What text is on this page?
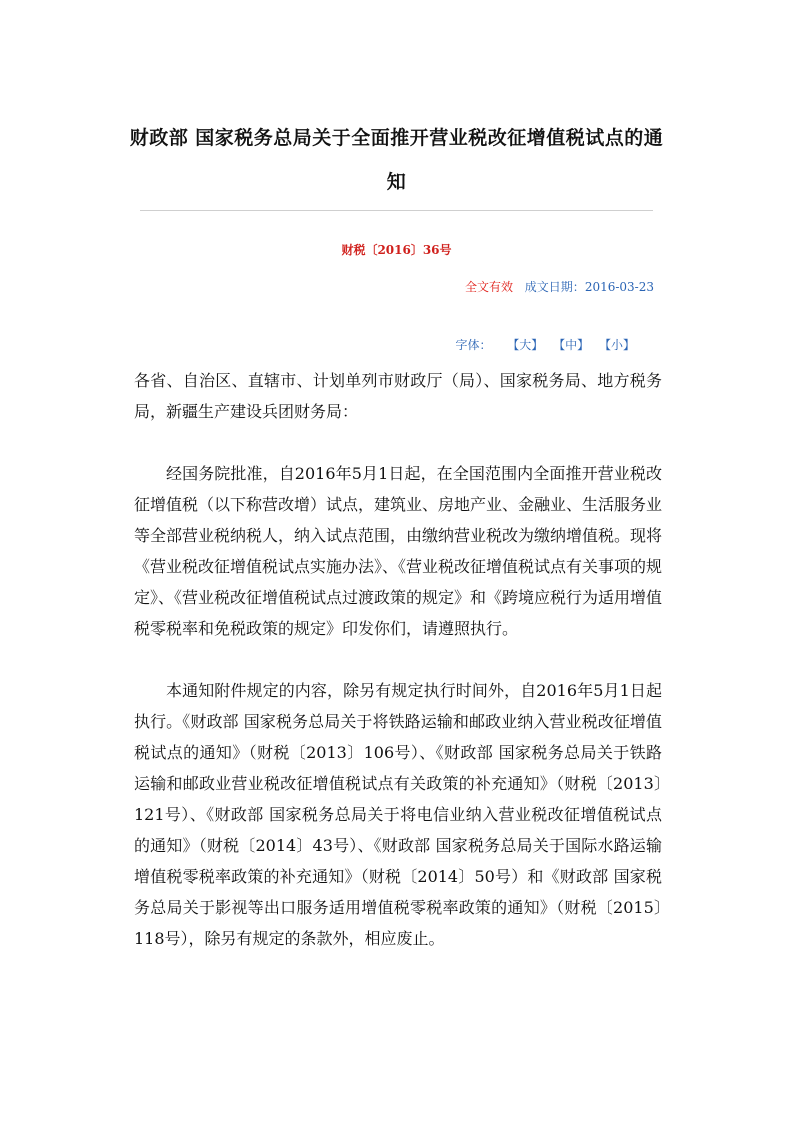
财政部 国家税务总局关于全面推开营业税改征增值税试点的通知
财税〔2016〕36号
全文有效 成文日期：2016-03-23
字体： 【大】 【中】 【小】

各省、自治区、直辖市、计划单列市财政厅（局）、国家税务局、地方税务局，新疆生产建设兵团财务局：

经国务院批准，自2016年5月1日起，在全国范围内全面推开营业税改征增值税（以下称营改增）试点，建筑业、房地产业、金融业、生活服务业等全部营业税纳税人，纳入试点范围，由缴纳营业税改为缴纳增值税。现将《营业税改征增值税试点实施办法》、《营业税改征增值税试点有关事项的规定》、《营业税改征增值税试点过渡政策的规定》和《跨境应税行为适用增值税零税率和免税政策的规定》印发你们，请遵照执行。

本通知附件规定的内容，除另有规定执行时间外，自2016年5月1日起执行。《财政部 国家税务总局关于将铁路运输和邮政业纳入营业税改征增值税试点的通知》（财税〔2013〕106号）、《财政部 国家税务总局关于铁路运输和邮政业营业税改征增值税试点有关政策的补充通知》（财税〔2013〕121号）、《财政部 国家税务总局关于将电信业纳入营业税改征增值税试点的通知》（财税〔2014〕43号）、《财政部 国家税务总局关于国际水路运输增值税零税率政策的补充通知》（财税〔2014〕50号）和《财政部 国家税务总局关于影视等出口服务适用增值税零税率政策的通知》（财税〔2015〕118号），除另有规定的条款外，相应废止。
